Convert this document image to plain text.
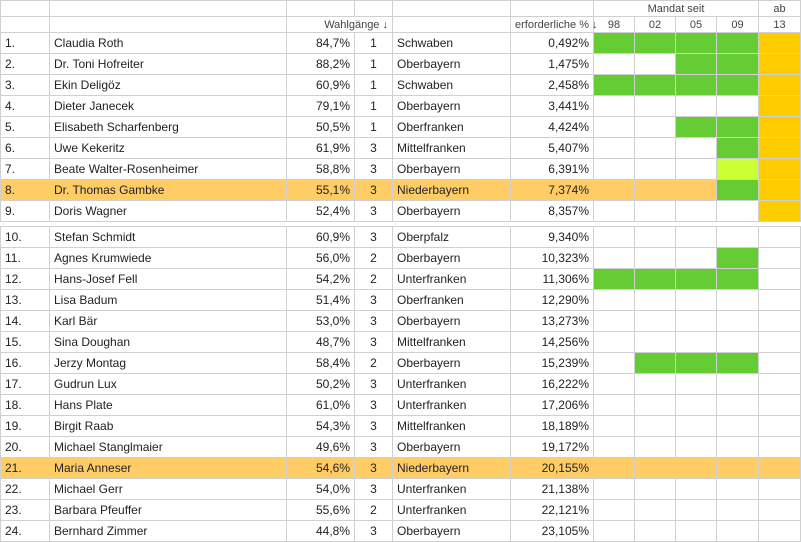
						Mandat seit				ab
		Wahlgänge ↓			erforderliche % ↓	98	02	05	09	13
1.	Claudia Roth	84,7%	1	Schwaben	0,492%					
2.	Dr. Toni Hofreiter	88,2%	1	Oberbayern	1,475%					
3.	Ekin Deligöz	60,9%	1	Schwaben	2,458%					
4.	Dieter Janecek	79,1%	1	Oberbayern	3,441%					
5.	Elisabeth Scharfenberg	50,5%	1	Oberfranken	4,424%					
6.	Uwe Kekeritz	61,9%	3	Mittelfranken	5,407%					
7.	Beate Walter-Rosenheimer	58,8%	3	Oberbayern	6,391%					
8.	Dr. Thomas Gambke	55,1%	3	Niederbayern	7,374%					
9.	Doris Wagner	52,4%	3	Oberbayern	8,357%					

10.	Stefan Schmidt	60,9%	3	Oberpfalz	9,340%					
11.	Agnes Krumwiede	56,0%	2	Oberbayern	10,323%					
12.	Hans-Josef Fell	54,2%	2	Unterfranken	11,306%					
13.	Lisa Badum	51,4%	3	Oberfranken	12,290%					
14.	Karl Bär	53,0%	3	Oberbayern	13,273%					
15.	Sina Doughan	48,7%	3	Mittelfranken	14,256%					
16.	Jerzy Montag	58,4%	2	Oberbayern	15,239%					
17.	Gudrun Lux	50,2%	3	Unterfranken	16,222%					
18.	Hans Plate	61,0%	3	Unterfranken	17,206%					
19.	Birgit Raab	54,3%	3	Mittelfranken	18,189%					
20.	Michael Stanglmaier	49,6%	3	Oberbayern	19,172%					
21.	Maria Anneser	54,6%	3	Niederbayern	20,155%					
22.	Michael Gerr	54,0%	3	Unterfranken	21,138%					
23.	Barbara Pfeuffer	55,6%	2	Unterfranken	22,121%					
24.	Bernhard Zimmer	44,8%	3	Oberbayern	23,105%					
